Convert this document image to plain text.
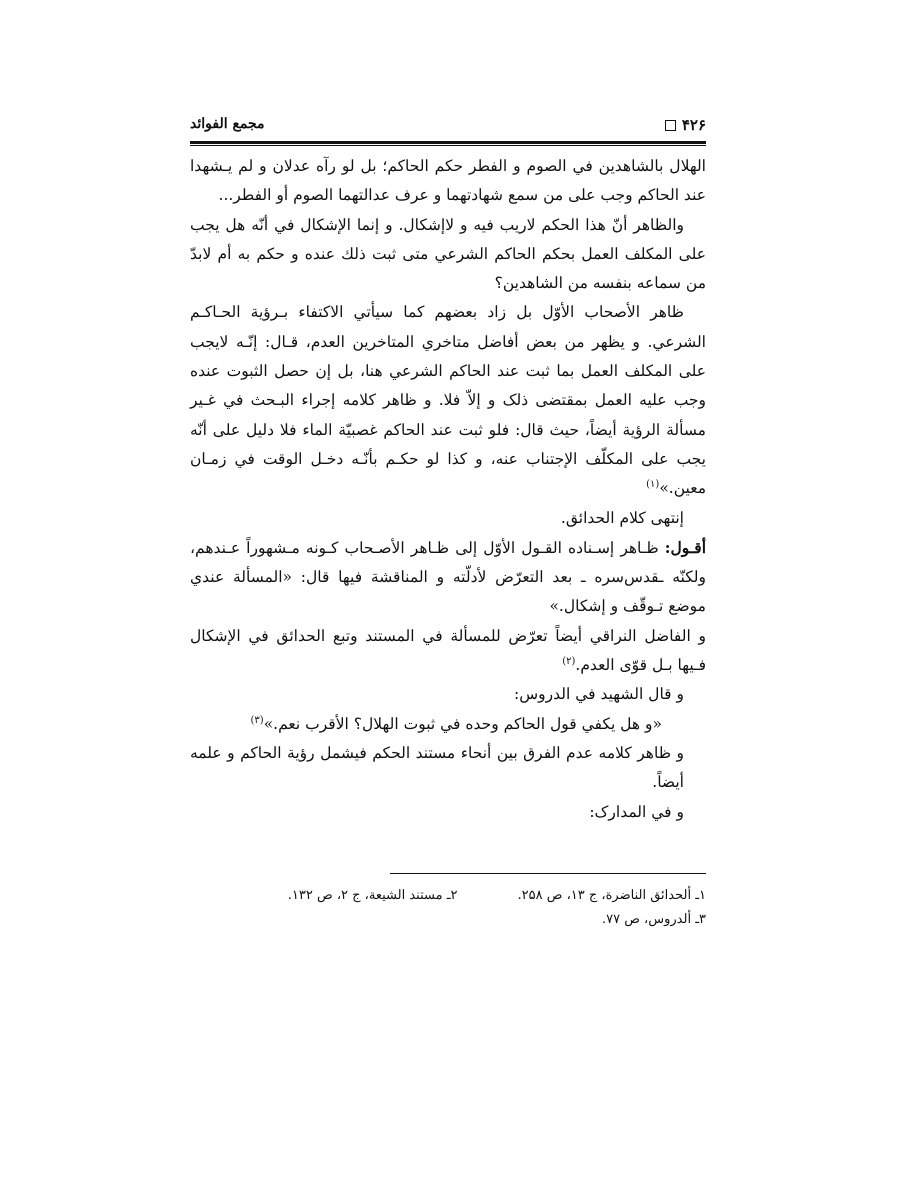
۴۲۶
مجمع الفوائد

الهلال بالشاهدين في الصوم و الفطر حكم الحاكم؛ بل لو رآه عدلان و لم يـشهدا عند الحاكم وجب على من سمع شهادتهما و عرف عدالتهما الصوم أو الفطر...

والظاهر أنّ هذا الحكم لاريب فيه و لاإشكال. و إنما الإشكال في أنّه هل يجب على المكلف العمل بحكم الحاكم الشرعي متى ثبت ذلك عنده و حكم به أم لابدّ من سماعه بنفسه من الشاهدين؟

ظاهر الأصحاب الأوّل بل زاد بعضهم كما سيأتي الاكتفاء بـرؤية الحـاكـم الشرعي. و يظهر من بعض أفاضل متاخري المتاخرين العدم، قـال: إنّـه لايجب على المكلف العمل بما ثبت عند الحاكم الشرعي هنا، بل إن حصل الثبوت عنده وجب عليه العمل بمقتضى ذلک و إلاّ فلا. و ظاهر كلامه إجراء البـحث في غـير مسألة الرؤية أيضاً، حيث قال: فلو ثبت عند الحاكم غصبيّة الماء فلا دليل على أنّه يجب على المكلّف الإجتناب عنه، و كذا لو حكـم بأنّـه دخـل الوقت في زمـان معين.»$^{(۱)}$

إنتهى كلام الحدائق.

أقـول: ظـاهر إسـناده القـول الأوّل إلى ظـاهر الأصـحاب كـونه مـشهوراً عـندهم، ولكنّه ـقدس‌سره ـ بعد التعرّض لأدلّته و المناقشة فيها قال: «المسألة عندي موضع تـوقّف و إشكال.»

و الفاضل النراقي أيضاً تعرّض للمسألة في المستند وتبع الحدائق في الإشكال فـيها بـل قوّى العدم.$^{(۲)}$

و قال الشهيد في الدروس:

«و هل يكفي قول الحاكم وحده في ثبوت الهلال؟ الأقرب نعم.»$^{(۳)}$

و ظاهر كلامه عدم الفرق بين أنحاء مستند الحكم فيشمل رؤية الحاكم و علمه أيضاً.

و في المدارک:

۱ـ ألحدائق الناضرة، ج ۱۳، ص ۲۵۸.
۲ـ مستند الشيعة، ج ۲، ص ۱۳۲.
۳ـ ألدروس، ص ۷۷.
